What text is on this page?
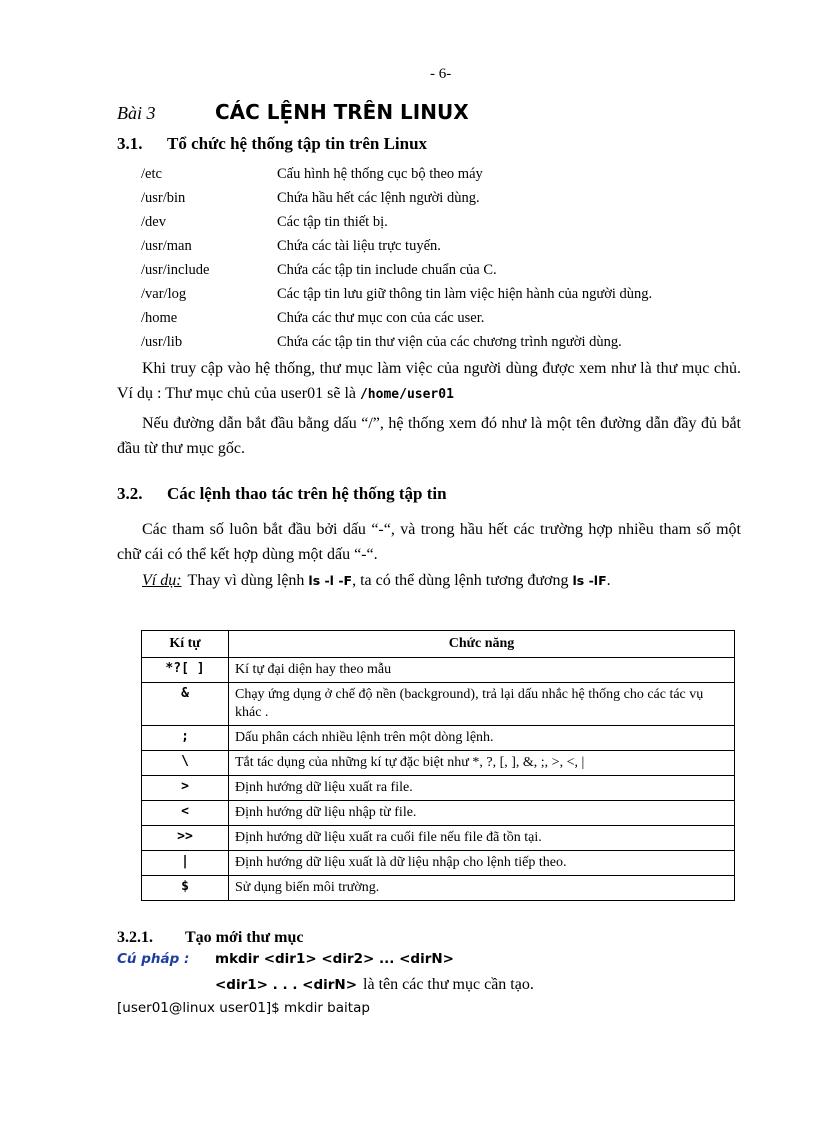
- 6-
Bài 3	CÁC LỆNH TRÊN LINUX
3.1. Tổ chức hệ thống tập tin trên Linux
/etc	Cấu hình hệ thống cục bộ theo máy
/usr/bin	Chứa hầu hết các lệnh người dùng.
/dev	Các tập tin thiết bị.
/usr/man	Chứa các tài liệu trực tuyến.
/usr/include	Chứa các tập tin include chuẩn của C.
/var/log	Các tập tin lưu giữ thông tin làm việc hiện hành của người dùng.
/home	Chứa các thư mục con của các user.
/usr/lib	Chứa các tập tin thư viện của các chương trình người dùng.
Khi truy cập vào hệ thống, thư mục làm việc của người dùng được xem như là thư mục chủ. Ví dụ : Thư mục chủ của user01 sẽ là /home/user01
Nếu đường dẫn bắt đầu bằng dấu “/”, hệ thống xem đó như là một tên đường dẫn đầy đủ bắt đầu từ thư mục gốc.
3.2. Các lệnh thao tác trên hệ thống tập tin
Các tham số luôn bắt đầu bởi dấu “-“, và trong hầu hết các trường hợp nhiều tham số một chữ cái có thể kết hợp dùng một dấu “-“.
Ví dụ: Thay vì dùng lệnh ls -l -F, ta có thể dùng lệnh tương đương ls -lF.
Kí tự	Chức năng
*?[ ]	Kí tự đại diện hay theo mẫu
&	Chạy ứng dụng ở chế độ nền (background), trả lại dấu nhắc hệ thống cho các tác vụ khác .
;	Dấu phân cách nhiều lệnh trên một dòng lệnh.
\	Tắt tác dụng của những kí tự đặc biệt như *, ?, [, ], &, ;, >, <, |
>	Định hướng dữ liệu xuất ra file.
<	Định hướng dữ liệu nhập từ file.
>>	Định hướng dữ liệu xuất ra cuối file nếu file đã tồn tại.
|	Định hướng dữ liệu xuất là dữ liệu nhập cho lệnh tiếp theo.
$	Sử dụng biến môi trường.
3.2.1. Tạo mới thư mục
Cú pháp : mkdir <dir1> <dir2> ... <dirN>
<dir1> . . . <dirN> là tên các thư mục cần tạo.
[user01@linux user01]$ mkdir baitap
